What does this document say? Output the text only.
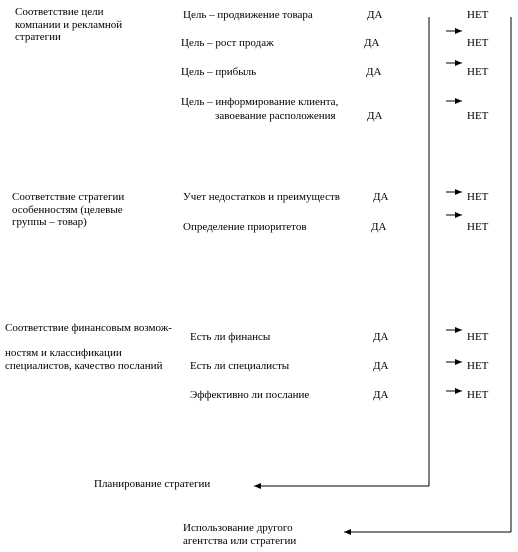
Соответствие цели компании и рекламной стратегии
Цель – продвижение товара	ДА	НЕТ
Цель – рост продаж	ДА	НЕТ
Цель – прибыль	ДА	НЕТ
Цель – информирование клиента,
завоевание расположения	ДА	НЕТ
Соответствие стратегии особенностям (целевые группы – товар)
Учет недостатков и преимуществ	ДА	НЕТ
Определение приоритетов	ДА	НЕТ
Соответствие финансовым возмож-
ностям и классификации специалистов, качество посланий
Есть ли финансы	ДА	НЕТ
Есть ли специалисты	ДА	НЕТ
Эффективно ли послание	ДА	НЕТ
Планирование стратегии
Использование другого агентства или стратегии
